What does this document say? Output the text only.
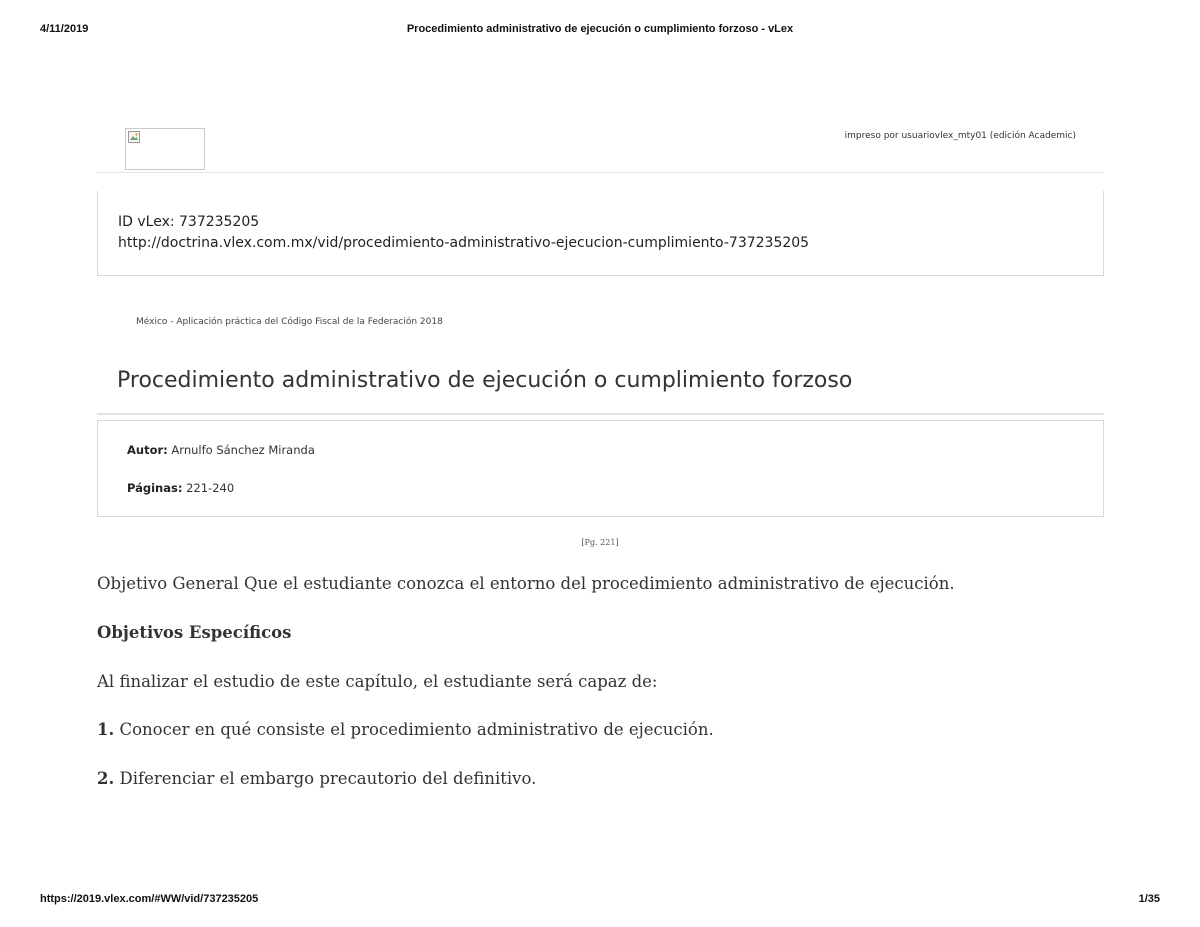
4/11/2019	Procedimiento administrativo de ejecución o cumplimiento forzoso - vLex
impreso por usuariovlex_mty01 (edición Academic)
ID vLex: 737235205
http://doctrina.vlex.com.mx/vid/procedimiento-administrativo-ejecucion-cumplimiento-737235205
México - Aplicación práctica del Código Fiscal de la Federación 2018
Procedimiento administrativo de ejecución o cumplimiento forzoso
Autor: Arnulfo Sánchez Miranda
Páginas: 221-240
[Pg. 221]

Objetivo General Que el estudiante conozca el entorno del procedimiento administrativo de ejecución.

Objetivos Específicos

Al finalizar el estudio de este capítulo, el estudiante será capaz de:

1. Conocer en qué consiste el procedimiento administrativo de ejecución.

2. Diferenciar el embargo precautorio del definitivo.

https://2019.vlex.com/#WW/vid/737235205	1/35
